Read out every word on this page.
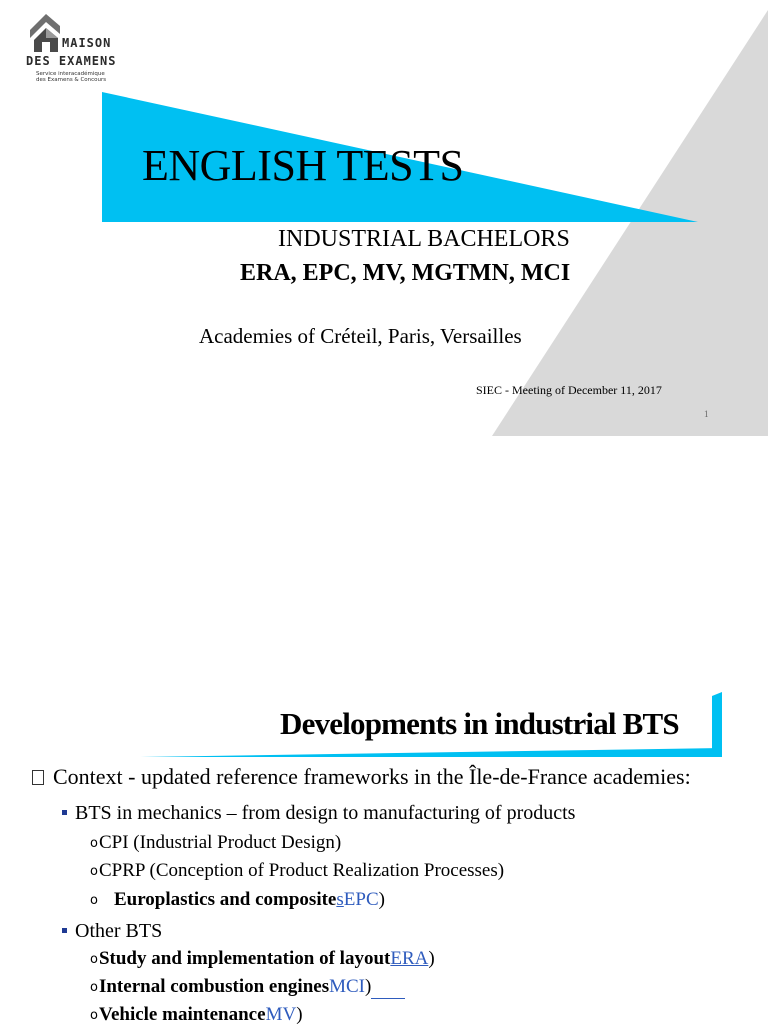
MAISON
DES EXAMENS
Service interacadémique
des Examens & Concours
ENGLISH TESTS
INDUSTRIAL BACHELORS
ERA, EPC, MV, MGTMN, MCI
Academies of Créteil, Paris, Versailles
SIEC - Meeting of December 11, 2017
1
Developments in industrial BTS
Context - updated reference frameworks in the Île-de-France academies:
BTS in mechanics – from design to manufacturing of products
oCPI (Industrial Product Design)
oCPRP (Conception of Product Realization Processes)
o Europlastics and compositesEPC)
Other BTS
oStudy and implementation of layoutERA)
oInternal combustion enginesMCI)
oVehicle maintenanceMV)
